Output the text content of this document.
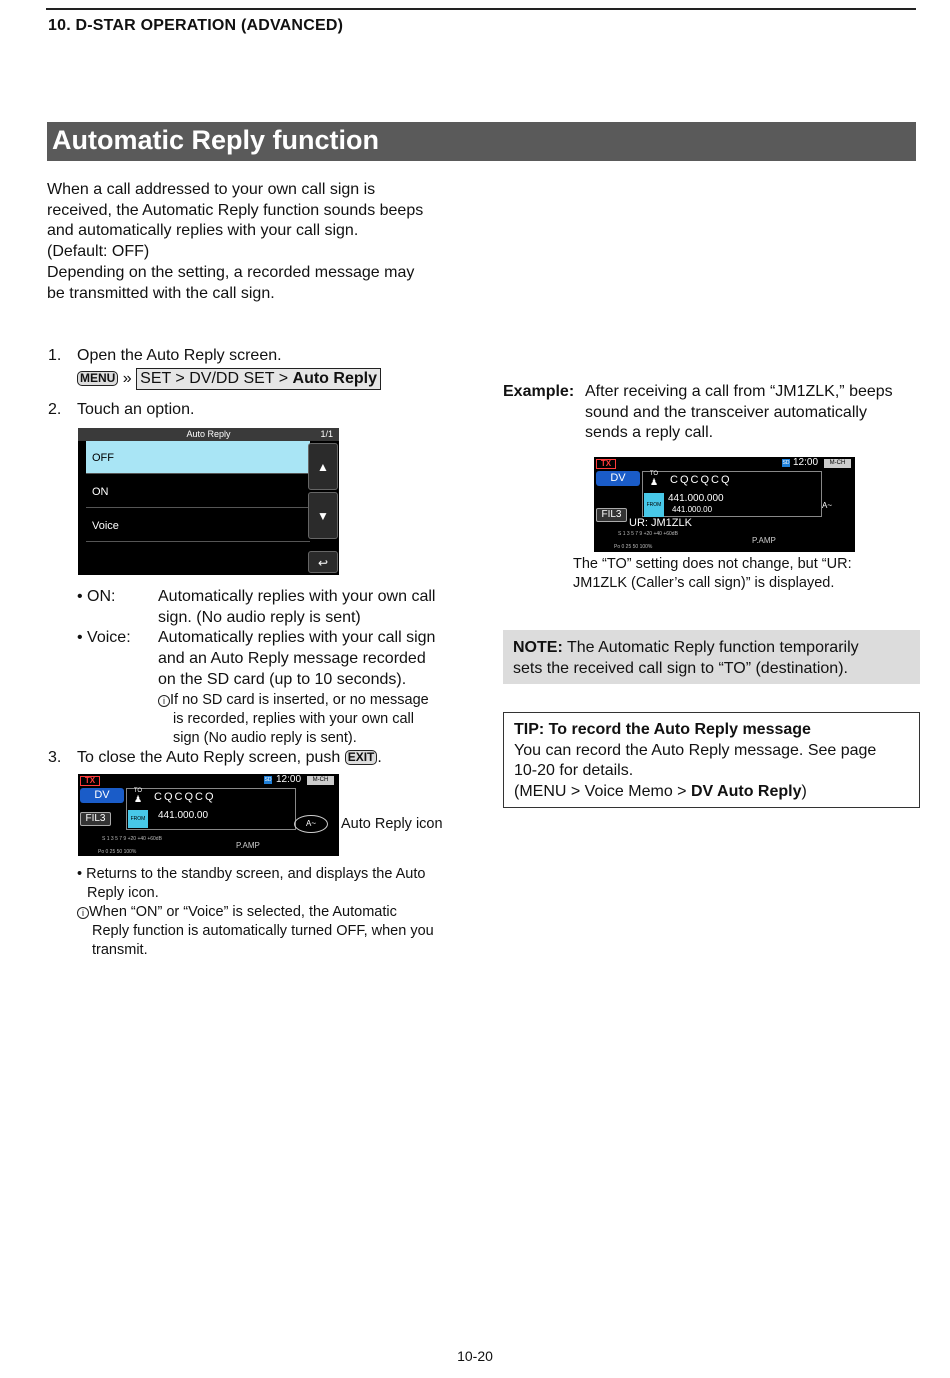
10. D-STAR OPERATION (ADVANCED)
Automatic Reply function
When a call addressed to your own call sign is
received, the Automatic Reply function sounds beeps
and automatically replies with your call sign.
(Default: OFF)
Depending on the setting, a recorded message may
be transmitted with the call sign.
1. Open the Auto Reply screen.
MENU » SET > DV/DD SET > Auto Reply
2. Touch an option.
Auto Reply	1/1
OFF
ON
Voice
▲
▼
↩
• ON:	Automatically replies with your own call
sign. (No audio reply is sent)
• Voice: Automatically replies with your call sign
and an Auto Reply message recorded
on the SD card (up to 10 seconds).
i If no SD card is inserted, or no message
is recorded, replies with your own call
sign (No audio reply is sent).
3. To close the Auto Reply screen, push EXIT .
TX
DV
FIL3
TO
♟
FROM
CQCQCQ
441.000.00
SD 12:00	M-CH
A~
S 1 3 5 7 9 +20 +40 +60dB
Po 0 25 50 100%
P.AMP
Auto Reply icon
• Returns to the standby screen, and displays the Auto
Reply icon.
i When “ON” or “Voice” is selected, the Automatic
Reply function is automatically turned OFF, when you
transmit.
Example: After receiving a call from “JM1ZLK,” beeps
sound and the transceiver automatically
sends a reply call.
TX
DV
FIL3
TO
♟
FROM
CQCQCQ
441.000.000
441.000.00
UR: JM1ZLK
SD 12:00	M-CH
A~
S 1 3 5 7 9 +20 +40 +60dB
Po 0 25 50 100%
P.AMP
The “TO” setting does not change, but “UR:
JM1ZLK (Caller’s call sign)” is displayed.
NOTE: The Automatic Reply function temporarily
sets the received call sign to “TO” (destination).
TIP: To record the Auto Reply message
You can record the Auto Reply message. See page
10-20 for details.
(MENU > Voice Memo > DV Auto Reply)
10-20
